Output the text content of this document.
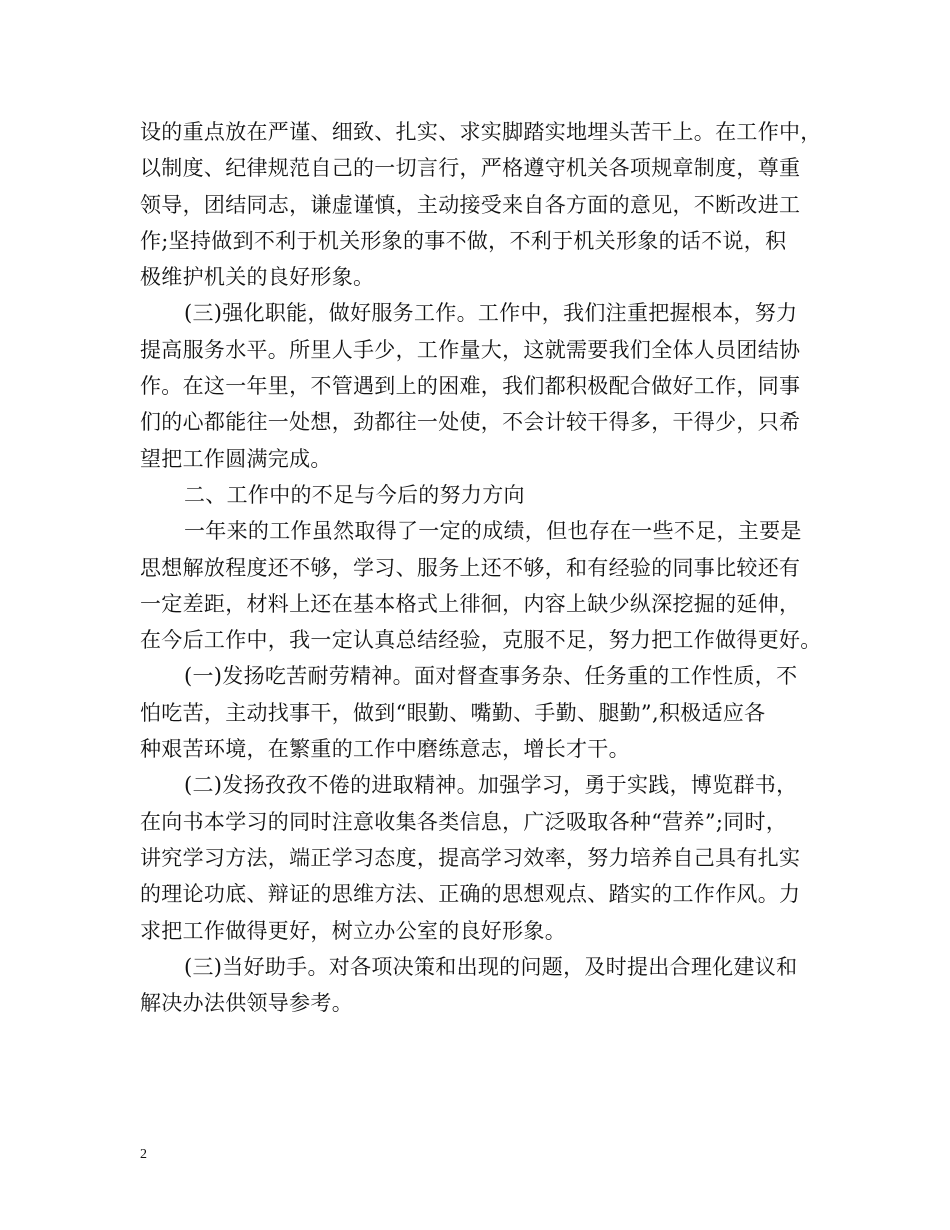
设的重点放在严谨、细致、扎实、求实脚踏实地埋头苦干上。在工作中，
以制度、纪律规范自己的一切言行，严格遵守机关各项规章制度，尊重
领导，团结同志，谦虚谨慎，主动接受来自各方面的意见，不断改进工
作;坚持做到不利于机关形象的事不做，不利于机关形象的话不说，积
极维护机关的良好形象。
(三)强化职能，做好服务工作。工作中，我们注重把握根本，努力
提高服务水平。所里人手少，工作量大，这就需要我们全体人员团结协
作。在这一年里，不管遇到上的困难，我们都积极配合做好工作，同事
们的心都能往一处想，劲都往一处使，不会计较干得多，干得少，只希
望把工作圆满完成。
二、工作中的不足与今后的努力方向
一年来的工作虽然取得了一定的成绩，但也存在一些不足，主要是
思想解放程度还不够，学习、服务上还不够，和有经验的同事比较还有
一定差距，材料上还在基本格式上徘徊，内容上缺少纵深挖掘的延伸，
在今后工作中，我一定认真总结经验，克服不足，努力把工作做得更好。
(一)发扬吃苦耐劳精神。面对督查事务杂、任务重的工作性质，不
怕吃苦，主动找事干，做到“眼勤、嘴勤、手勤、腿勤”,积极适应各
种艰苦环境，在繁重的工作中磨练意志，增长才干。
(二)发扬孜孜不倦的进取精神。加强学习，勇于实践，博览群书，
在向书本学习的同时注意收集各类信息，广泛吸取各种“营养”;同时，
讲究学习方法，端正学习态度，提高学习效率，努力培养自己具有扎实
的理论功底、辩证的思维方法、正确的思想观点、踏实的工作作风。力
求把工作做得更好，树立办公室的良好形象。
(三)当好助手。对各项决策和出现的问题，及时提出合理化建议和
解决办法供领导参考。
2
